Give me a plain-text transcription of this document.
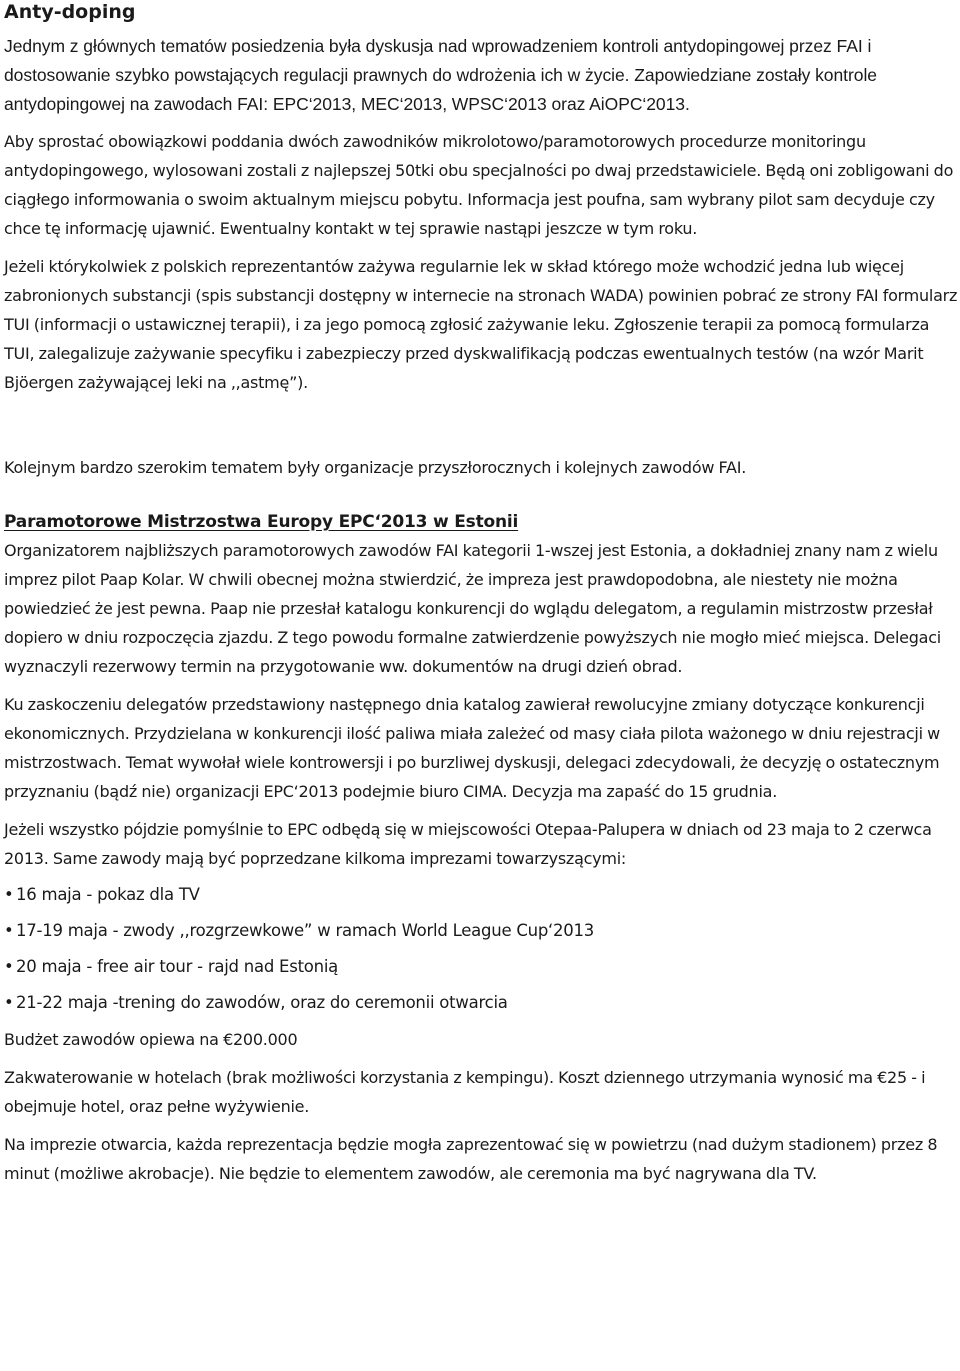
Anty-doping

Jednym z głównych tematów posiedzenia była dyskusja nad wprowadzeniem kontroli antydopingowej przez FAI i dostosowanie szybko powstających regulacji prawnych do wdrożenia ich w życie. Zapowiedziane zostały kontrole antydopingowej na zawodach FAI: EPC‘2013, MEC‘2013, WPSC‘2013 oraz AiOPC‘2013.

Aby sprostać obowiązkowi poddania dwóch zawodników mikrolotowo/paramotorowych procedurze monitoringu antydopingowego, wylosowani zostali z najlepszej 50tki obu specjalności po dwaj przedstawiciele. Będą oni zobligowani do ciągłego informowania o swoim aktualnym miejscu pobytu. Informacja jest poufna, sam wybrany pilot sam decyduje czy chce tę informację ujawnić. Ewentualny kontakt w tej sprawie nastąpi jeszcze w tym roku.

Jeżeli którykolwiek z polskich reprezentantów zażywa regularnie lek w skład którego może wchodzić jedna lub więcej zabronionych substancji (spis substancji dostępny w internecie na stronach WADA) powinien pobrać ze strony FAI formularz TUI (informacji o ustawicznej terapii), i za jego pomocą zgłosić zażywanie leku. Zgłoszenie terapii za pomocą formularza TUI, zalegalizuje zażywanie specyfiku i zabezpieczy przed dyskwalifikacją podczas ewentualnych testów (na wzór Marit Bjöergen zażywającej leki na ,,astmę”).

Kolejnym bardzo szerokim tematem były organizacje przyszłorocznych i kolejnych zawodów FAI.

Paramotorowe Mistrzostwa Europy EPC‘2013 w Estonii

Organizatorem najbliższych paramotorowych zawodów FAI kategorii 1-wszej jest Estonia, a dokładniej znany nam z wielu imprez pilot Paap Kolar. W chwili obecnej można stwierdzić, że impreza jest prawdopodobna, ale niestety nie można powiedzieć że jest pewna. Paap nie przesłał katalogu konkurencji do wglądu delegatom, a regulamin mistrzostw przesłał dopiero w dniu rozpoczęcia zjazdu. Z tego powodu formalne zatwierdzenie powyższych nie mogło mieć miejsca. Delegaci wyznaczyli rezerwowy termin na przygotowanie ww. dokumentów na drugi dzień obrad.

Ku zaskoczeniu delegatów przedstawiony następnego dnia katalog zawierał rewolucyjne zmiany dotyczące konkurencji ekonomicznych. Przydzielana w konkurencji ilość paliwa miała zależeć od masy ciała pilota ważonego w dniu rejestracji w mistrzostwach. Temat wywołał wiele kontrowersji i po burzliwej dyskusji, delegaci zdecydowali, że decyzję o ostatecznym przyznaniu (bądź nie) organizacji EPC‘2013 podejmie biuro CIMA. Decyzja ma zapaść do 15 grudnia.

Jeżeli wszystko pójdzie pomyślnie to EPC odbędą się w miejscowości Otepaa-Palupera w dniach od 23 maja to 2 czerwca 2013. Same zawody mają być poprzedzane kilkoma imprezami towarzyszącymi:

• 16 maja - pokaz dla TV

• 17-19 maja - zwody ,,rozgrzewkowe” w ramach World League Cup‘2013

• 20 maja - free air tour - rajd nad Estonią

• 21-22 maja -trening do zawodów, oraz do ceremonii otwarcia

Budżet zawodów opiewa na €200.000

Zakwaterowanie w hotelach (brak możliwości korzystania z kempingu). Koszt dziennego utrzymania wynosić ma €25 - i obejmuje hotel, oraz pełne wyżywienie.

Na imprezie otwarcia, każda reprezentacja będzie mogła zaprezentować się w powietrzu (nad dużym stadionem) przez 8 minut (możliwe akrobacje). Nie będzie to elementem zawodów, ale ceremonia ma być nagrywana dla TV.
